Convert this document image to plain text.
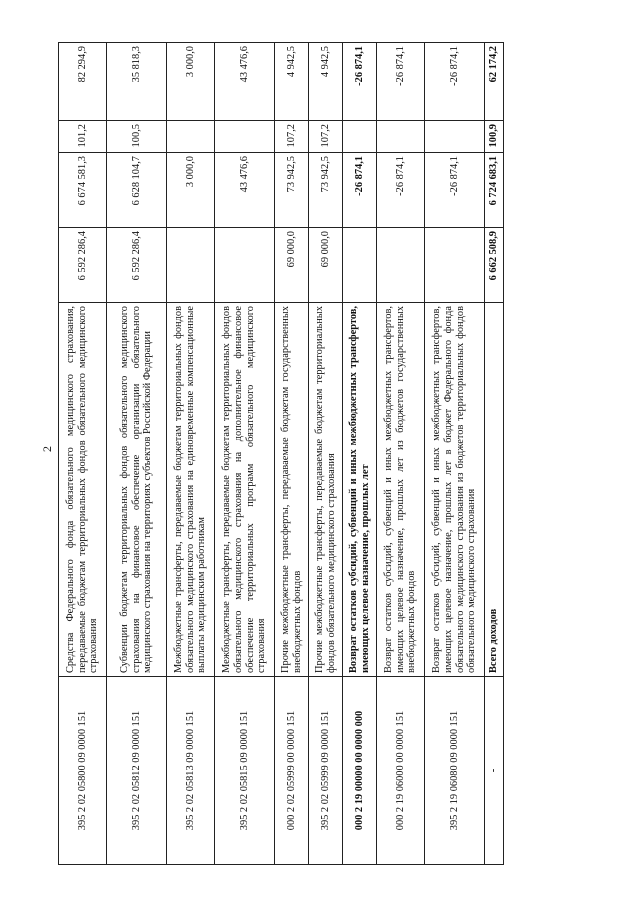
2
395 2 02 05800 09 0000 151	Средства Федерального фонда обязательного медицинского страхования, передаваемые бюджетам территориальных фондов обязательного медицинского страхования	6 592 286,4	6 674 581,3	101,2	82 294,9
395 2 02 05812 09 0000 151	Субвенции бюджетам территориальных фондов обязательного медицинского страхования на финансовое обеспечение организации обязательного медицинского страхования на территориях субъектов Российской Федерации	6 592 286,4	6 628 104,7	100,5	35 818,3
395 2 02 05813 09 0000 151	Межбюджетные трансферты, передаваемые бюджетам территориальных фондов обязательного медицинского страхования на единовременные компенсационные выплаты медицинским работникам		3 000,0		3 000,0
395 2 02 05815 09 0000 151	Межбюджетные трансферты, передаваемые бюджетам территориальных фондов обязательного медицинского страхования на дополнительное финансовое обеспечение территориальных программ обязательного медицинского страхования		43 476,6		43 476,6
000 2 02 05999 00 0000 151	Прочие межбюджетные трансферты, передаваемые бюджетам государственных внебюджетных фондов	69 000,0	73 942,5	107,2	4 942,5
395 2 02 05999 09 0000 151	Прочие межбюджетные трансферты, передаваемые бюджетам территориальных фондов обязательного медицинского страхования	69 000,0	73 942,5	107,2	4 942,5
000 2 19 00000 00 0000 000	Возврат остатков субсидий, субвенций и иных межбюджетных трансфертов, имеющих целевое назначение, прошлых лет		-26 874,1		-26 874,1
000 2 19 06000 00 0000 151	Возврат остатков субсидий, субвенций и иных межбюджетных трансфертов, имеющих целевое назначение, прошлых лет из бюджетов государственных внебюджетных фондов		-26 874,1		-26 874,1
395 2 19 06080 09 0000 151	Возврат остатков субсидий, субвенций и иных межбюджетных трансфертов, имеющих целевое назначение, прошлых лет в бюджет Федерального фонда обязательного медицинского страхования из бюджетов территориальных фондов обязательного медицинского страхования		-26 874,1		-26 874,1
-	Всего доходов	6 662 508,9	6 724 683,1	100,9	62 174,2
